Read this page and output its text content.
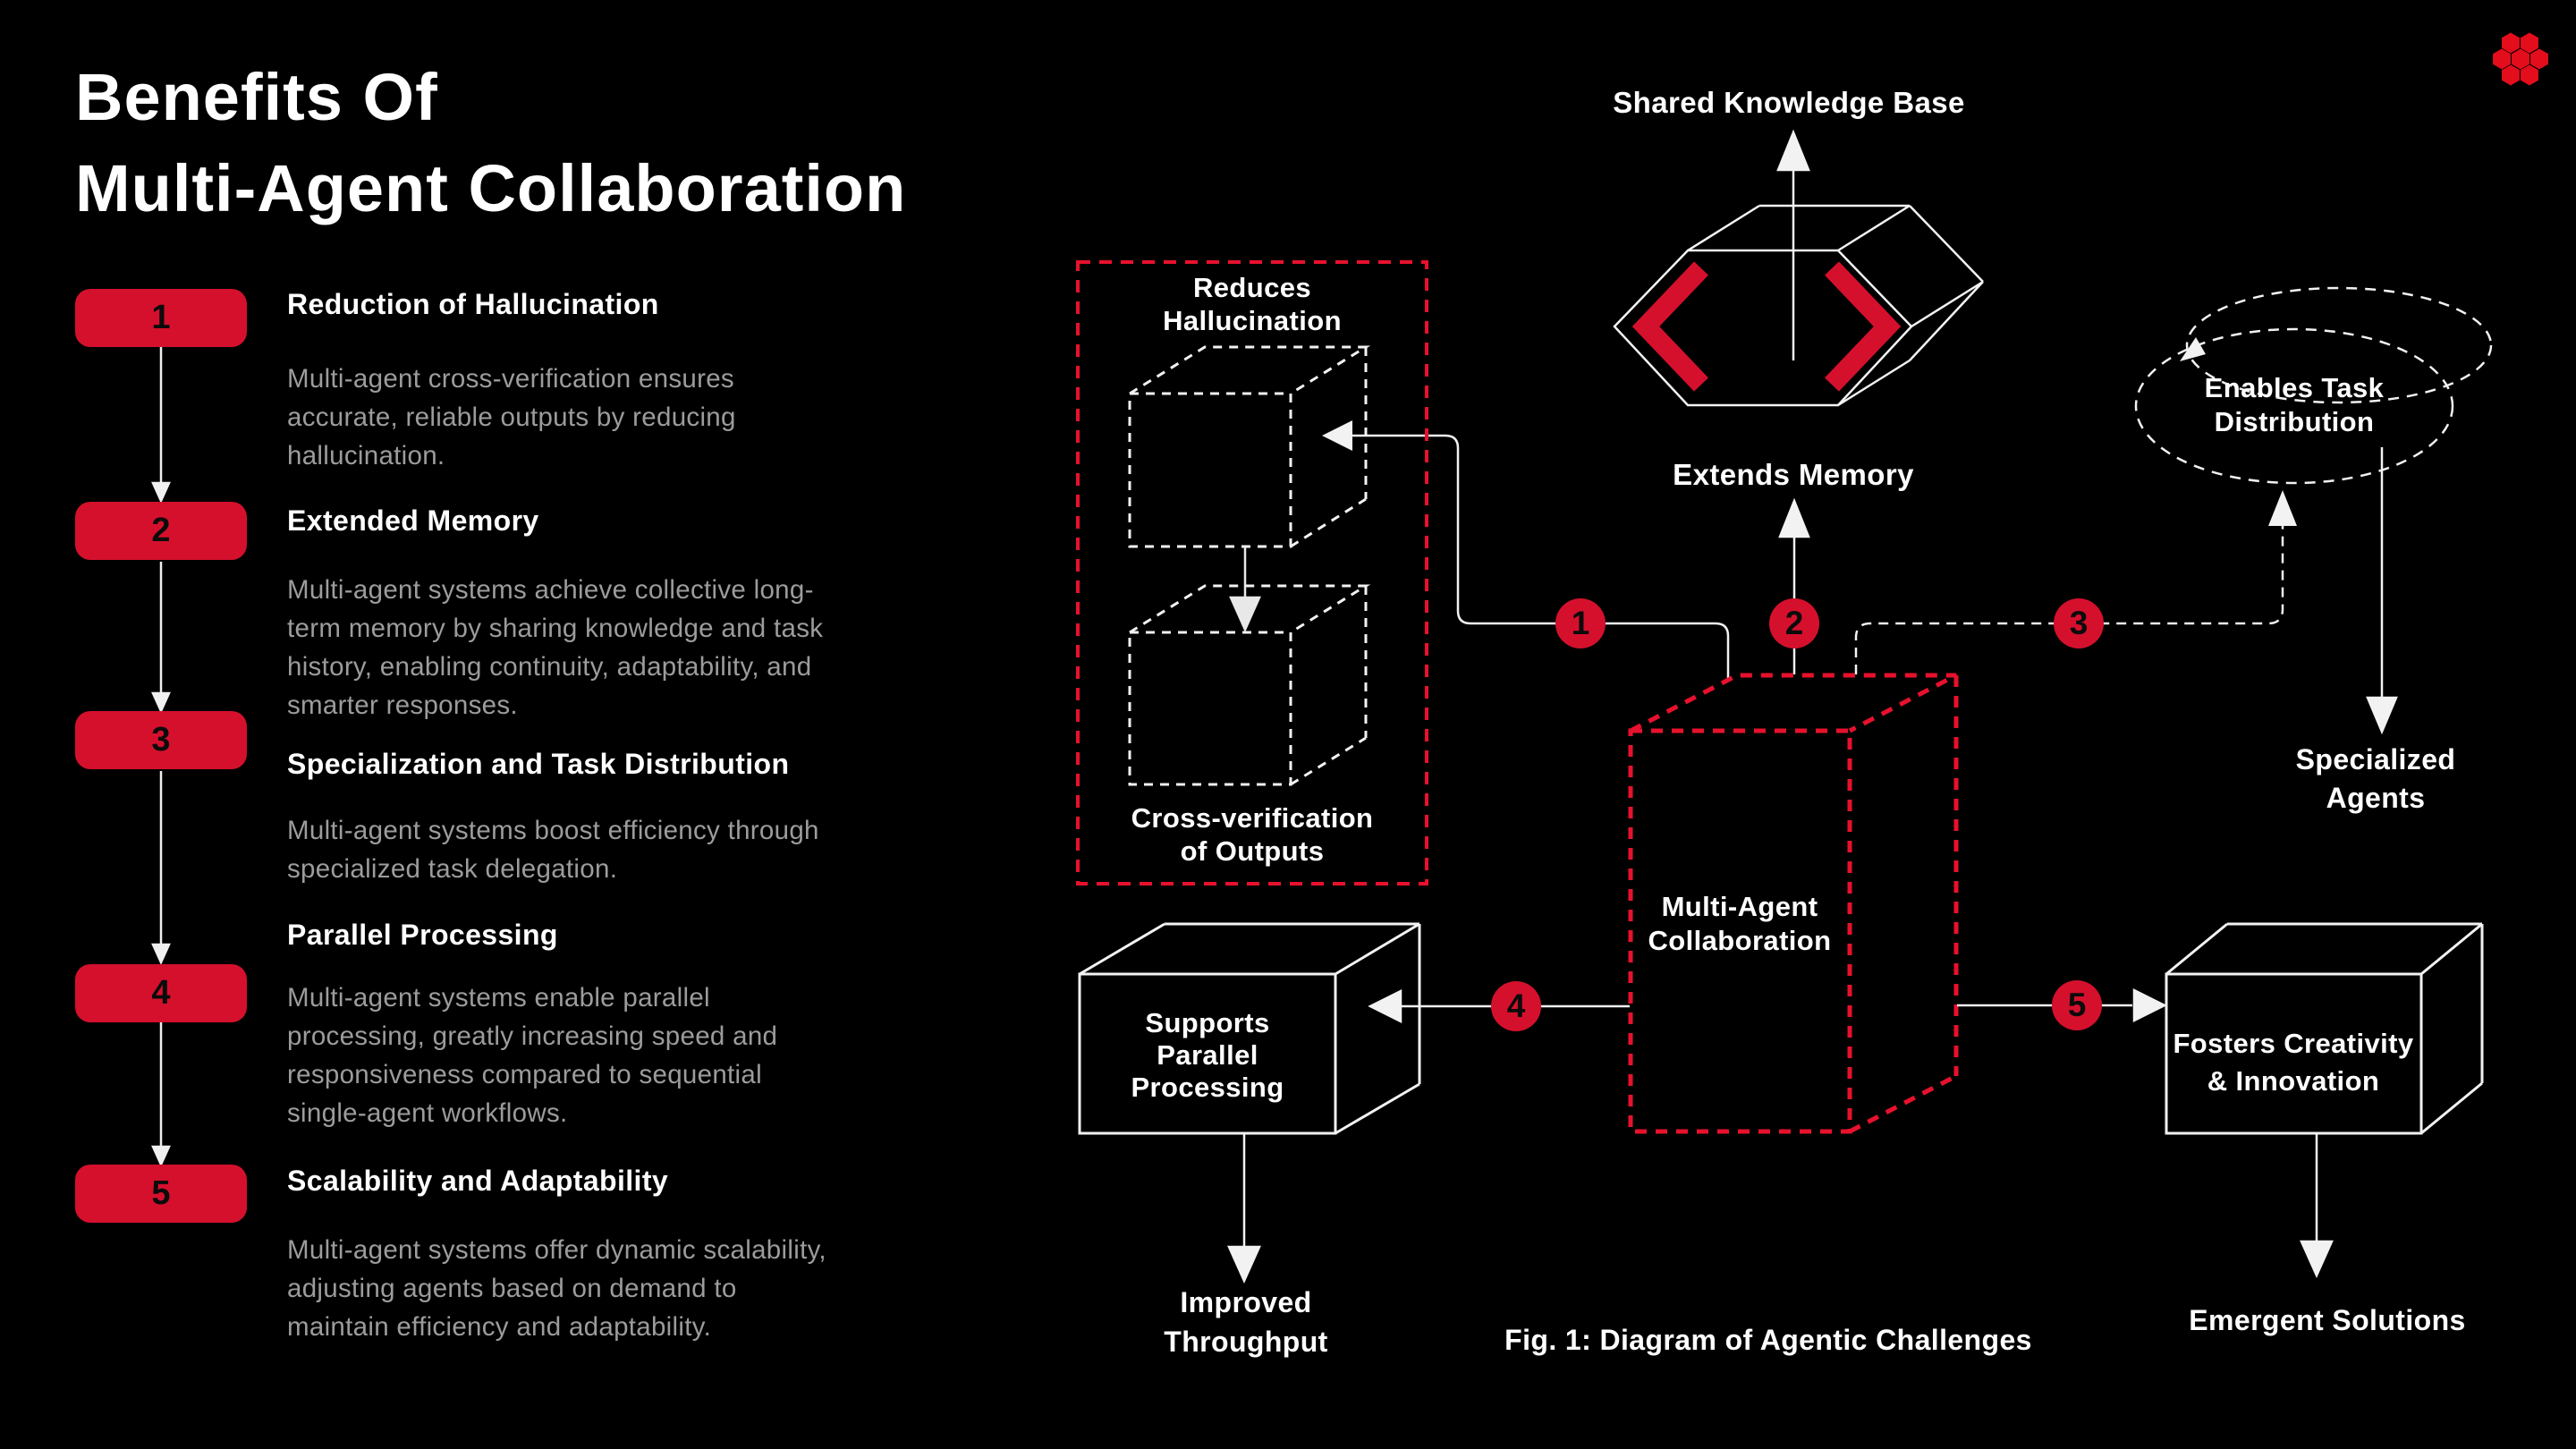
Benefits Of
Multi-Agent Collaboration
1
2
3
4
5
Reduction of Hallucination
Multi-agent cross-verification ensures accurate, reliable outputs by reducing hallucination.
Extended Memory
Multi-agent systems achieve collective long-term memory by sharing knowledge and task history, enabling continuity, adaptability, and smarter responses.
Specialization and Task Distribution
Multi-agent systems boost efficiency through specialized task delegation.
Parallel Processing
Multi-agent systems enable parallel processing, greatly increasing speed and responsiveness compared to sequential single-agent workflows.
Scalability and Adaptability
Multi-agent systems offer dynamic scalability, adjusting agents based on demand to maintain efficiency and adaptability.
1	2	3
4	5
Shared Knowledge Base
Extends Memory
Reduces
Hallucination
Cross-verification
of Outputs
Multi-Agent
Collaboration
Enables Task
Distribution
Specialized
Agents
Supports
Parallel
Processing
Improved
Throughput
Fosters Creativity
& Innovation
Emergent Solutions
Fig. 1: Diagram of Agentic Challenges
